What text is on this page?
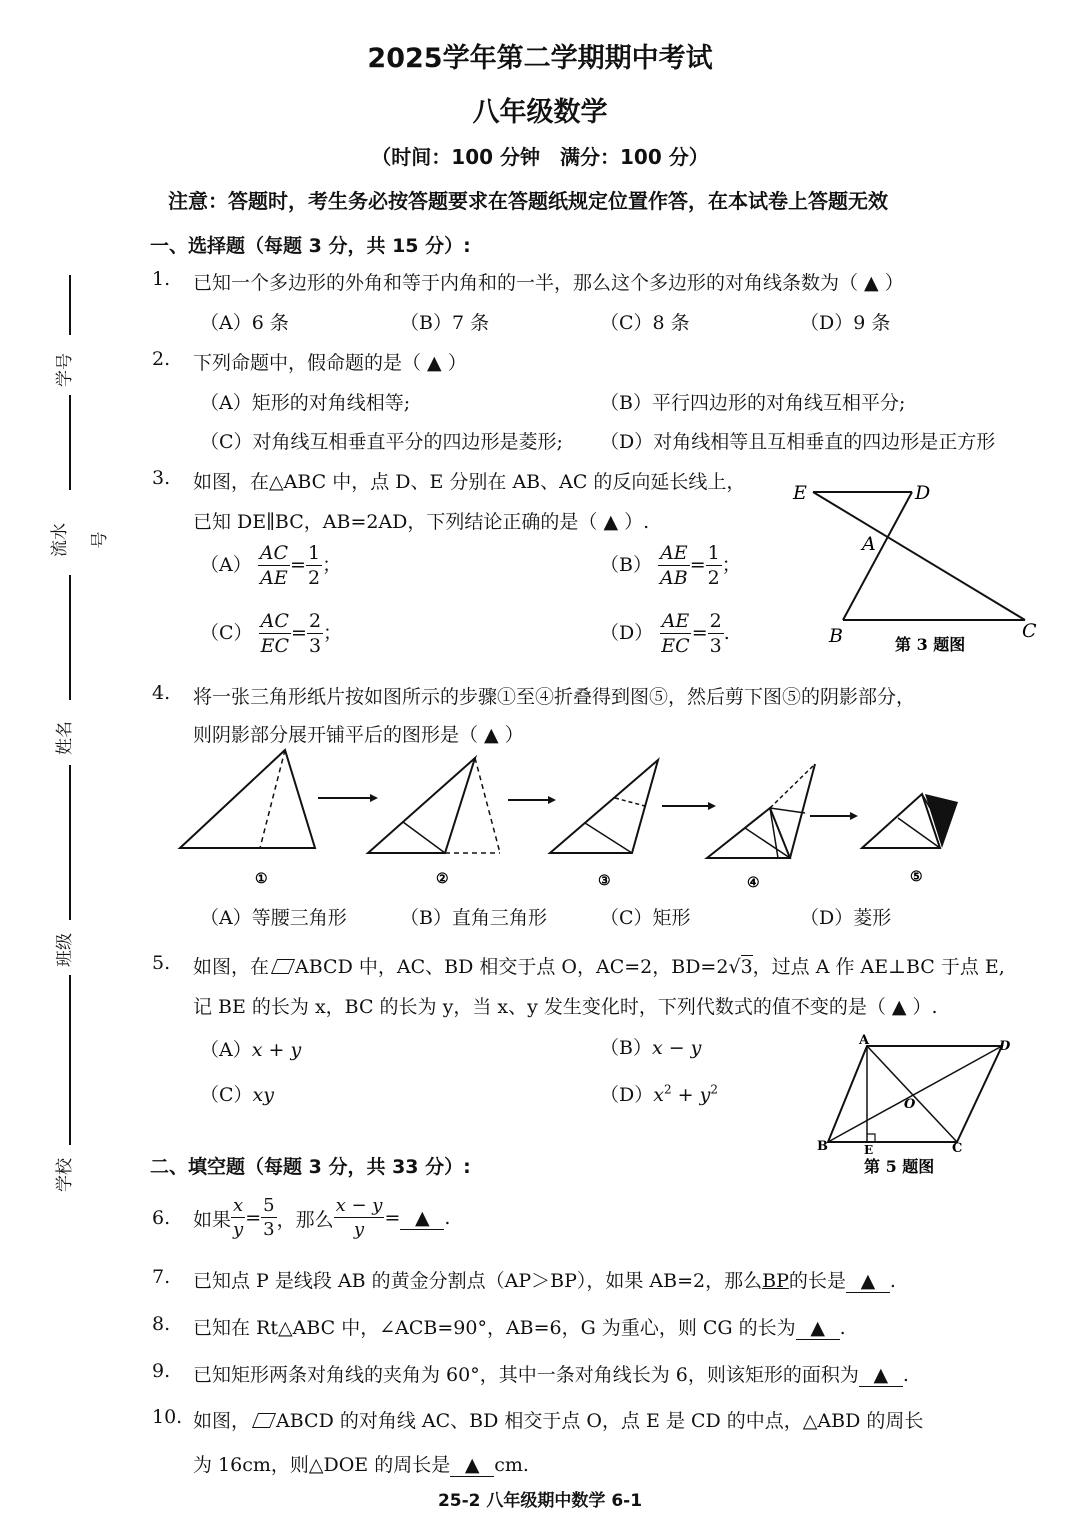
2025学年第二学期期中考试
八年级数学
（时间：100 分钟　满分：100 分）
注意：答题时，考生务必按答题要求在答题纸规定位置作答，在本试卷上答题无效
学号
流水号
姓名
班级
学校
一、选择题（每题 3 分，共 15 分）:
1. 已知一个多边形的外角和等于内角和的一半，那么这个多边形的对角线条数为（ ▲ ）
（A）6 条	（B）7 条	（C）8 条	（D）9 条
2. 下列命题中，假命题的是（ ▲ ）
（A）矩形的对角线相等;	（B）平行四边形的对角线互相平分;
（C）对角线互相垂直平分的四边形是菱形; （D）对角线相等且互相垂直的四边形是正方形
3. 如图，在△ABC 中，点 D、E 分别在 AB、AC 的反向延长线上，
已知 DE∥BC，AB=2AD，下列结论正确的是（ ▲ ）.
$(A) \frac{AC}{AE} = \frac{1}{2}$ ；	$(B) \frac{AE}{AB} = \frac{1}{2}$ ；
$(C) \frac{AC}{EC} = \frac{2}{3}$ ；	$(D) \frac{AE}{EC} = \frac{2}{3}$ .
E	D
A
B	C
第 3 题图
4. 将一张三角形纸片按如图所示的步骤①至④折叠得到图⑤，然后剪下图⑤的阴影部分，
则阴影部分展开铺平后的图形是（ ▲ ）
①	②	③	④	⑤
（A）等腰三角形	（B）直角三角形	（C）矩形	（D）菱形
5. 如图，在 ABCD 中，AC、BD 相交于点 O，AC=2，BD=2√3，过点 A 作 AE⊥BC 于点 E,
记 BE 的长为 x，BC 的长为 y，当 x、y 发生变化时，下列代数式的值不变的是（ ▲ ）.
（A）x + y	（B）x − y
（C）xy	$(D)x^2 + y^2$
A	D
O
B	E	C
第 5 题图
二、填空题（每题 3 分，共 33 分）:
6. 如果 $\frac{x}{y} = \frac{5}{3}$ ，那么 $\frac{x - y}{y}$ = ▲ .
7. 已知点 P 是线段 AB 的黄金分割点（AP＞BP），如果 AB=2，那么BP的长是 ▲ .
8. 已知在 Rt△ABC 中，∠ACB=90°，AB=6，G 为重心，则 CG 的长为 ▲ .
9. 已知矩形两条对角线的夹角为 60°，其中一条对角线长为 6，则该矩形的面积为 ▲ .
10. 如图， ABCD 的对角线 AC、BD 相交于点 O，点 E 是 CD 的中点，△ABD 的周长
为 16cm，则△DOE 的周长是 ▲ cm.
25-2 八年级期中数学 6-1
